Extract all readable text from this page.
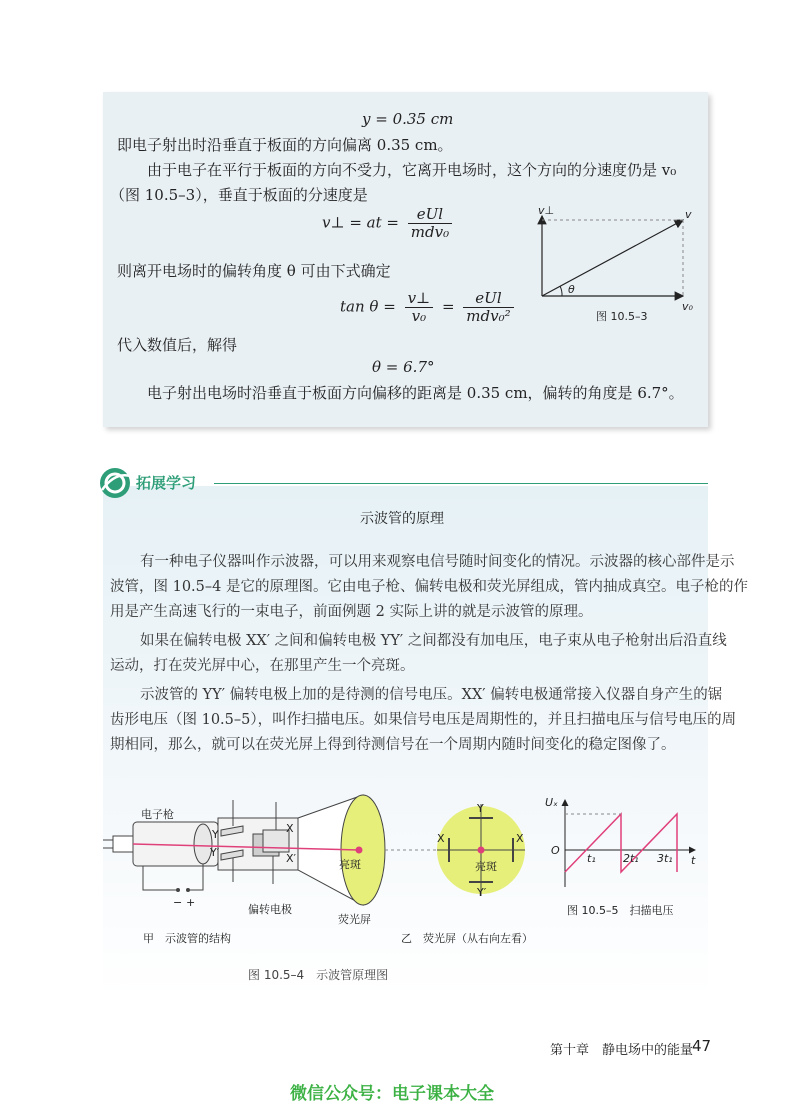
y = 0.35 cm
即电子射出时沿垂直于板面的方向偏离 0.35 cm。
由于电子在平行于板面的方向不受力，它离开电场时，这个方向的分速度仍是 v₀
（图 10.5–3），垂直于板面的分速度是
v⊥ = at = $\frac{\text{eUl}}{\text{mdv₀}}$
则离开电场时的偏转角度 θ 可由下式确定
$\tan \theta = \frac{v\perp}{\text{v₀}} = \frac{\text{eUl}}{\text{mdv₀²}}$
代入数值后，解得
θ = 6.7°
电子射出电场时沿垂直于板面方向偏移的距离是 0.35 cm，偏转的角度是 6.7°。
v⊥	v
θ
v₀
图 10.5–3
拓展学习
示波管的原理
有一种电子仪器叫作示波器，可以用来观察电信号随时间变化的情况。示波器的核心部件是示
波管，图 10.5–4 是它的原理图。它由电子枪、偏转电极和荧光屏组成，管内抽成真空。电子枪的作
用是产生高速飞行的一束电子，前面例题 2 实际上讲的就是示波管的原理。
如果在偏转电极 XX′ 之间和偏转电极 YY′ 之间都没有加电压，电子束从电子枪射出后沿直线
运动，打在荧光屏中心，在那里产生一个亮斑。
示波管的 YY′ 偏转电极上加的是待测的信号电压。XX′ 偏转电极通常接入仪器自身产生的锯
齿形电压（图 10.5–5），叫作扫描电压。如果信号电压是周期性的，并且扫描电压与信号电压的周
期相同，那么，就可以在荧光屏上得到待测信号在一个周期内随时间变化的稳定图像了。
− +
Y
Y′
X
X′
电子枪
亮斑
偏转电极
荧光屏
Y
Y′
X	X
亮斑
甲　示波管的结构	乙　荧光屏（从右向左看）
图 10.5–4　示波管原理图
Uₓ
O
t₁ 2t₁ 3t₁ t
图 10.5–5　扫描电压
第十章　静电场中的能量
47
微信公众号：电子课本大全
